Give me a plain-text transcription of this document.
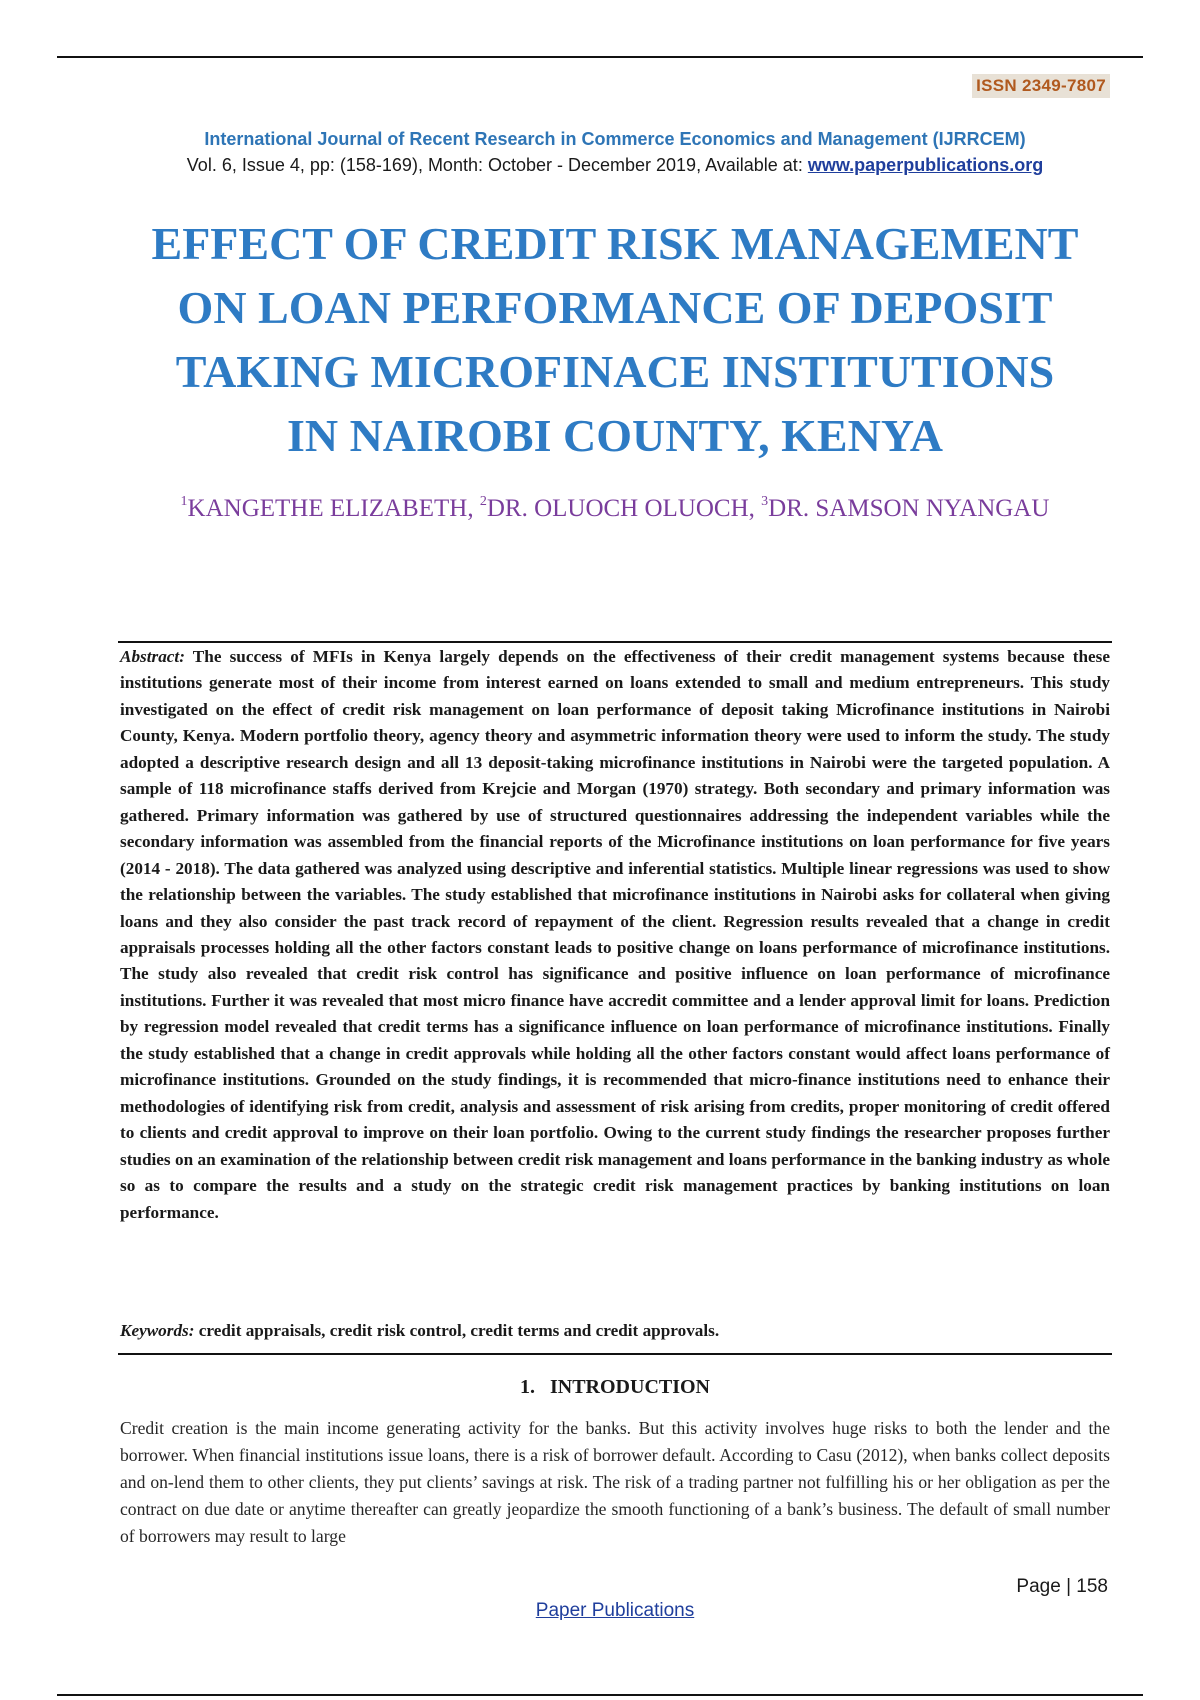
ISSN 2349-7807
International Journal of Recent Research in Commerce Economics and Management (IJRRCEM)
Vol. 6, Issue 4, pp: (158-169), Month: October - December 2019, Available at: www.paperpublications.org
EFFECT OF CREDIT RISK MANAGEMENT
ON LOAN PERFORMANCE OF DEPOSIT
TAKING MICROFINACE INSTITUTIONS
IN NAIROBI COUNTY, KENYA
$^1$KANGETHE ELIZABETH, $^2$DR. OLUOCH OLUOCH, $^3$DR. SAMSON NYANGAU

Abstract: The success of MFIs in Kenya largely depends on the effectiveness of their credit management systems because these institutions generate most of their income from interest earned on loans extended to small and medium entrepreneurs. This study investigated on the effect of credit risk management on loan performance of deposit taking Microfinance institutions in Nairobi County, Kenya. Modern portfolio theory, agency theory and asymmetric information theory were used to inform the study. The study adopted a descriptive research design and all 13 deposit-taking microfinance institutions in Nairobi were the targeted population. A sample of 118 microfinance staffs derived from Krejcie and Morgan (1970) strategy. Both secondary and primary information was gathered. Primary information was gathered by use of structured questionnaires addressing the independent variables while the secondary information was assembled from the financial reports of the Microfinance institutions on loan performance for five years (2014 - 2018). The data gathered was analyzed using descriptive and inferential statistics. Multiple linear regressions was used to show the relationship between the variables. The study established that microfinance institutions in Nairobi asks for collateral when giving loans and they also consider the past track record of repayment of the client. Regression results revealed that a change in credit appraisals processes holding all the other factors constant leads to positive change on loans performance of microfinance institutions. The study also revealed that credit risk control has significance and positive influence on loan performance of microfinance institutions. Further it was revealed that most micro finance have accredit committee and a lender approval limit for loans. Prediction by regression model revealed that credit terms has a significance influence on loan performance of microfinance institutions. Finally the study established that a change in credit approvals while holding all the other factors constant would affect loans performance of microfinance institutions. Grounded on the study findings, it is recommended that micro-finance institutions need to enhance their methodologies of identifying risk from credit, analysis and assessment of risk arising from credits, proper monitoring of credit offered to clients and credit approval to improve on their loan portfolio. Owing to the current study findings the researcher proposes further studies on an examination of the relationship between credit risk management and loans performance in the banking industry as whole so as to compare the results and a study on the strategic credit risk management practices by banking institutions on loan performance.

Keywords: credit appraisals, credit risk control, credit terms and credit approvals.

1.   INTRODUCTION

Credit creation is the main income generating activity for the banks. But this activity involves huge risks to both the lender and the borrower. When financial institutions issue loans, there is a risk of borrower default. According to Casu (2012), when banks collect deposits and on-lend them to other clients, they put clients’ savings at risk. The risk of a trading partner not fulfilling his or her obligation as per the contract on due date or anytime thereafter can greatly jeopardize the smooth functioning of a bank’s business. The default of small number of borrowers may result to large

Page | 158
Paper Publications
